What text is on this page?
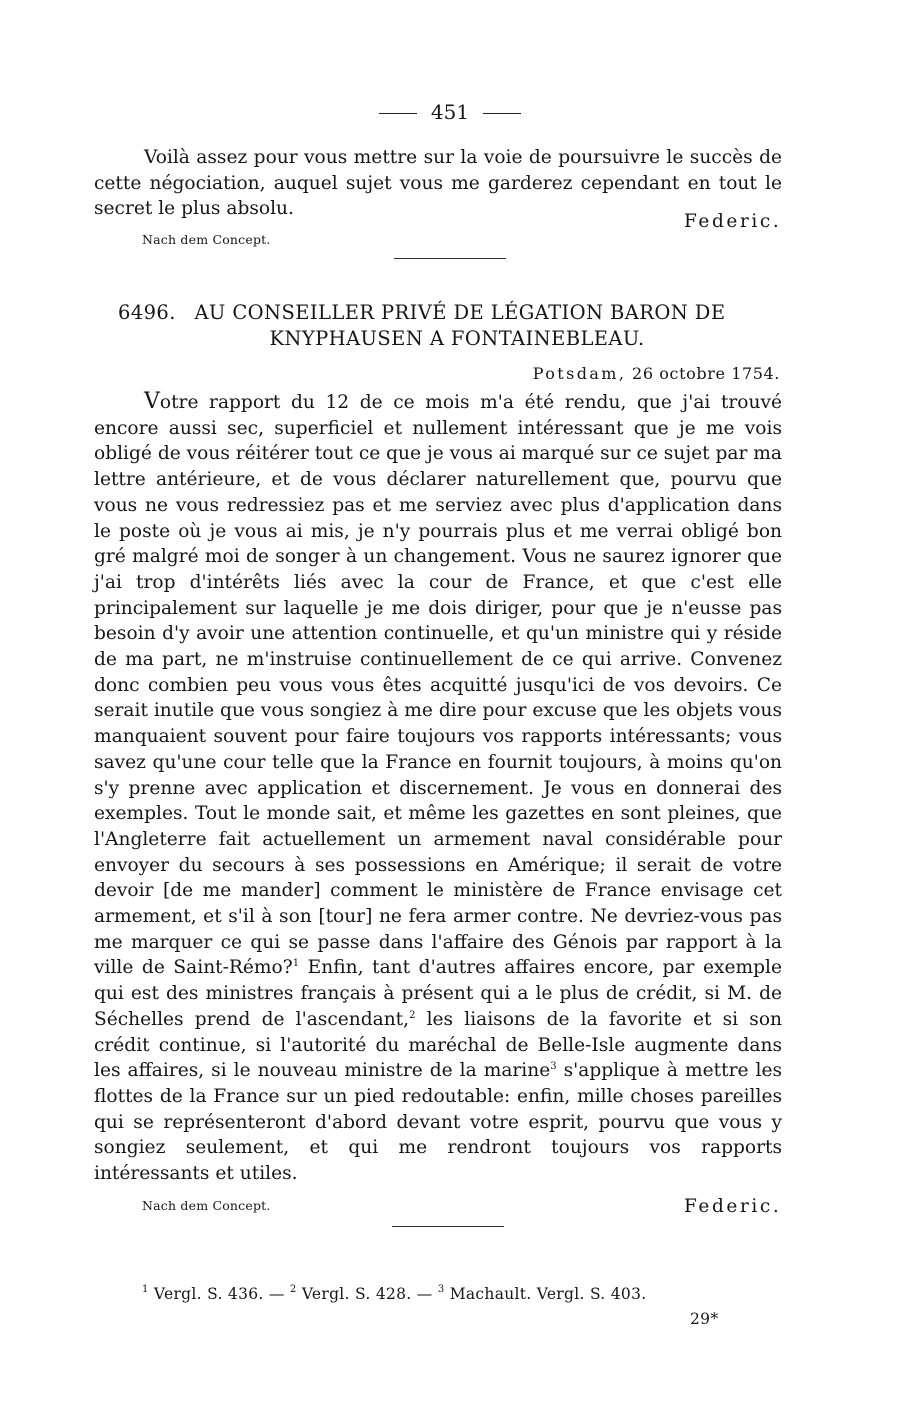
451
Voilà assez pour vous mettre sur la voie de poursuivre le succès de cette négociation, auquel sujet vous me garderez cependant en tout le secret le plus absolu.
Federic.
Nach dem Concept.
6496. AU CONSEILLER PRIVÉ DE LÉGATION BARON DE
KNYPHAUSEN A FONTAINEBLEAU.
Potsdam, 26 octobre 1754.
Votre rapport du 12 de ce mois m'a été rendu, que j'ai trouvé encore aussi sec, superficiel et nullement intéressant que je me vois obligé de vous réitérer tout ce que je vous ai marqué sur ce sujet par ma lettre antérieure, et de vous déclarer naturellement que, pourvu que vous ne vous redressiez pas et me serviez avec plus d'application dans le poste où je vous ai mis, je n'y pourrais plus et me verrai obligé bon gré malgré moi de songer à un changement. Vous ne saurez ignorer que j'ai trop d'intérêts liés avec la cour de France, et que c'est elle principalement sur laquelle je me dois diriger, pour que je n'eusse pas besoin d'y avoir une attention continuelle, et qu'un ministre qui y réside de ma part, ne m'instruise continuellement de ce qui arrive. Convenez donc combien peu vous vous êtes acquitté jusqu'ici de vos devoirs. Ce serait inutile que vous songiez à me dire pour excuse que les objets vous manquaient souvent pour faire toujours vos rapports intéressants; vous savez qu'une cour telle que la France en fournit toujours, à moins qu'on s'y prenne avec application et discernement. Je vous en donnerai des exemples. Tout le monde sait, et même les gazettes en sont pleines, que l'Angleterre fait actuellement un armement naval considérable pour envoyer du secours à ses possessions en Amérique; il serait de votre devoir [de me mander] comment le ministère de France envisage cet armement, et s'il à son [tour] ne fera armer contre. Ne devriez-vous pas me marquer ce qui se passe dans l'affaire des Génois par rapport à la ville de Saint-Rémo?$^1$ Enfin, tant d'autres affaires encore, par exemple qui est des ministres français à présent qui a le plus de crédit, si M. de Séchelles prend de l'ascendant,$^2$ les liaisons de la favorite et si son crédit continue, si l'autorité du maréchal de Belle-Isle augmente dans les affaires, si le nouveau ministre de la marine$^3$ s'applique à mettre les flottes de la France sur un pied redoutable: enfin, mille choses pareilles qui se représenteront d'abord devant votre esprit, pourvu que vous y songiez seulement, et qui me rendront toujours vos rapports intéressants et utiles.
Nach dem Concept.	Federic.
$^1$ Vergl. S. 436. — $^2$ Vergl. S. 428. — $^3$ Machault. Vergl. S. 403.
29*
